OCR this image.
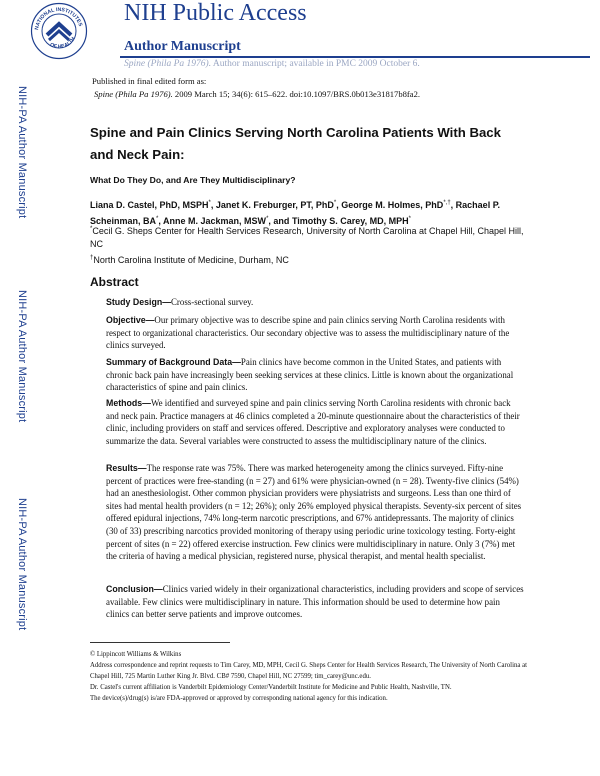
NATIONAL INSTITUTES
OF HEALTH
NIH Public Access
Author Manuscript
Spine (Phila Pa 1976). Author manuscript; available in PMC 2009 October 6.
Published in final edited form as:
Spine (Phila Pa 1976). 2009 March 15; 34(6): 615–622. doi:10.1097/BRS.0b013e31817b8fa2.
NIH-PA Author Manuscript
NIH-PA Author Manuscript
NIH-PA Author Manuscript
Spine and Pain Clinics Serving North Carolina Patients With Back and Neck Pain:
What Do They Do, and Are They Multidisciplinary?
Liana D. Castel, PhD, MSPH*, Janet K. Freburger, PT, PhD*, George M. Holmes, PhD*,†, Rachael P. Scheinman, BA*, Anne M. Jackman, MSW*, and Timothy S. Carey, MD, MPH*
*Cecil G. Sheps Center for Health Services Research, University of North Carolina at Chapel Hill, Chapel Hill, NC
†North Carolina Institute of Medicine, Durham, NC
Abstract
Study Design—Cross-sectional survey.
Objective—Our primary objective was to describe spine and pain clinics serving North Carolina residents with respect to organizational characteristics. Our secondary objective was to assess the multidisciplinary nature of the clinics surveyed.
Summary of Background Data—Pain clinics have become common in the United States, and patients with chronic back pain have increasingly been seeking services at these clinics. Little is known about the organizational characteristics of spine and pain clinics.
Methods—We identified and surveyed spine and pain clinics serving North Carolina residents with chronic back and neck pain. Practice managers at 46 clinics completed a 20-minute questionnaire about the characteristics of their clinic, including providers on staff and services offered. Descriptive and exploratory analyses were conducted to summarize the data. Several variables were constructed to assess the multidisciplinary nature of the clinics.
Results—The response rate was 75%. There was marked heterogeneity among the clinics surveyed. Fifty-nine percent of practices were free-standing (n = 27) and 61% were physician-owned (n = 28). Twenty-five clinics (54%) had an anesthesiologist. Other common physician providers were physiatrists and surgeons. Less than one third of sites had mental health providers (n = 12; 26%); only 26% employed physical therapists. Seventy-six percent of sites offered epidural injections, 74% long-term narcotic prescriptions, and 67% antidepressants. The majority of clinics (30 of 33) prescribing narcotics provided monitoring of therapy using periodic urine toxicology testing. Forty-eight percent of sites (n = 22) offered exercise instruction. Few clinics were multidisciplinary in nature. Only 3 (7%) met the criteria of having a medical physician, registered nurse, physical therapist, and mental health specialist.
Conclusion—Clinics varied widely in their organizational characteristics, including providers and scope of services available. Few clinics were multidisciplinary in nature. This information should be used to determine how pain clinics can better serve patients and improve outcomes.
© Lippincott Williams & Wilkins
Address correspondence and reprint requests to Tim Carey, MD, MPH, Cecil G. Sheps Center for Health Services Research, The University of North Carolina at Chapel Hill, 725 Martin Luther King Jr. Blvd. CB# 7590, Chapel Hill, NC 27599; tim_carey@unc.edu.
Dr. Castel's current affiliation is Vanderbilt Epidemiology Center/Vanderbilt Institute for Medicine and Public Health, Nashville, TN.
The device(s)/drug(s) is/are FDA-approved or approved by corresponding national agency for this indication.
